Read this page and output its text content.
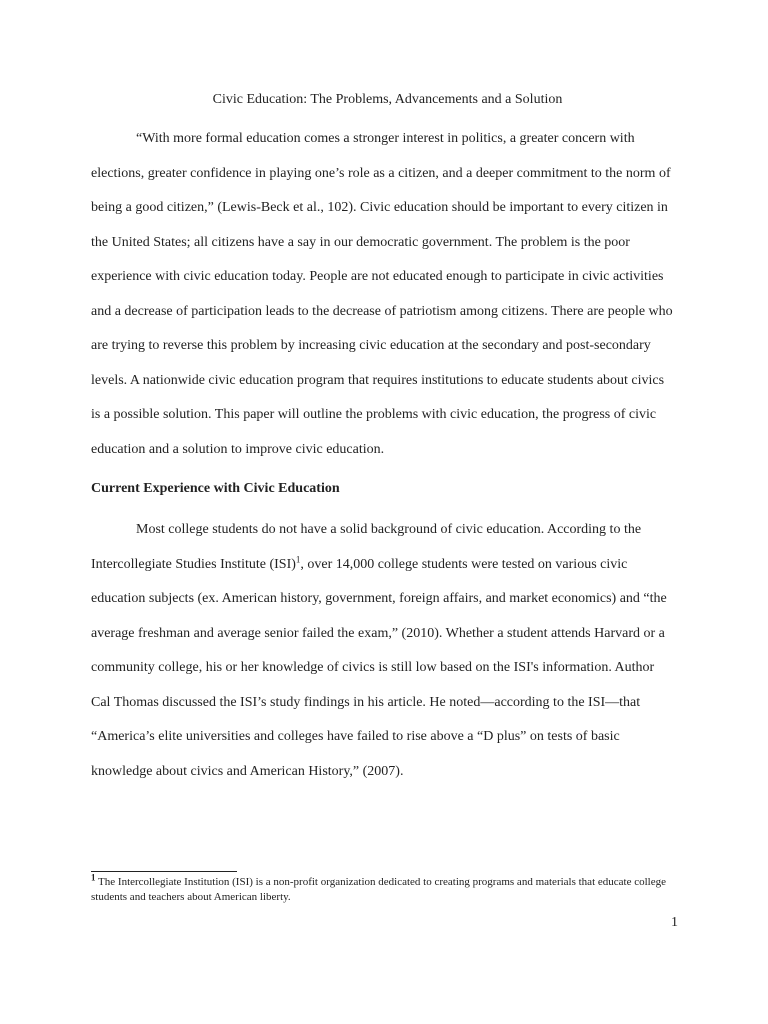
Civic Education: The Problems, Advancements and a Solution

“With more formal education comes a stronger interest in politics, a greater concern with elections, greater confidence in playing one’s role as a citizen, and a deeper commitment to the norm of being a good citizen,” (Lewis-Beck et al., 102). Civic education should be important to every citizen in the United States; all citizens have a say in our democratic government. The problem is the poor experience with civic education today. People are not educated enough to participate in civic activities and a decrease of participation leads to the decrease of patriotism among citizens. There are people who are trying to reverse this problem by increasing civic education at the secondary and post-secondary levels. A nationwide civic education program that requires institutions to educate students about civics is a possible solution. This paper will outline the problems with civic education, the progress of civic education and a solution to improve civic education.

Current Experience with Civic Education

Most college students do not have a solid background of civic education. According to the Intercollegiate Studies Institute (ISI)$^1$, over 14,000 college students were tested on various civic education subjects (ex. American history, government, foreign affairs, and market economics) and “the average freshman and average senior failed the exam,” (2010). Whether a student attends Harvard or a community college, his or her knowledge of civics is still low based on the ISI's information. Author Cal Thomas discussed the ISI’s study findings in his article. He noted—according to the ISI—that “America’s elite universities and colleges have failed to rise above a “D plus” on tests of basic knowledge about civics and American History,” (2007).

$^1$ The Intercollegiate Institution (ISI) is a non-profit organization dedicated to creating programs and materials that educate college students and teachers about American liberty.
1
